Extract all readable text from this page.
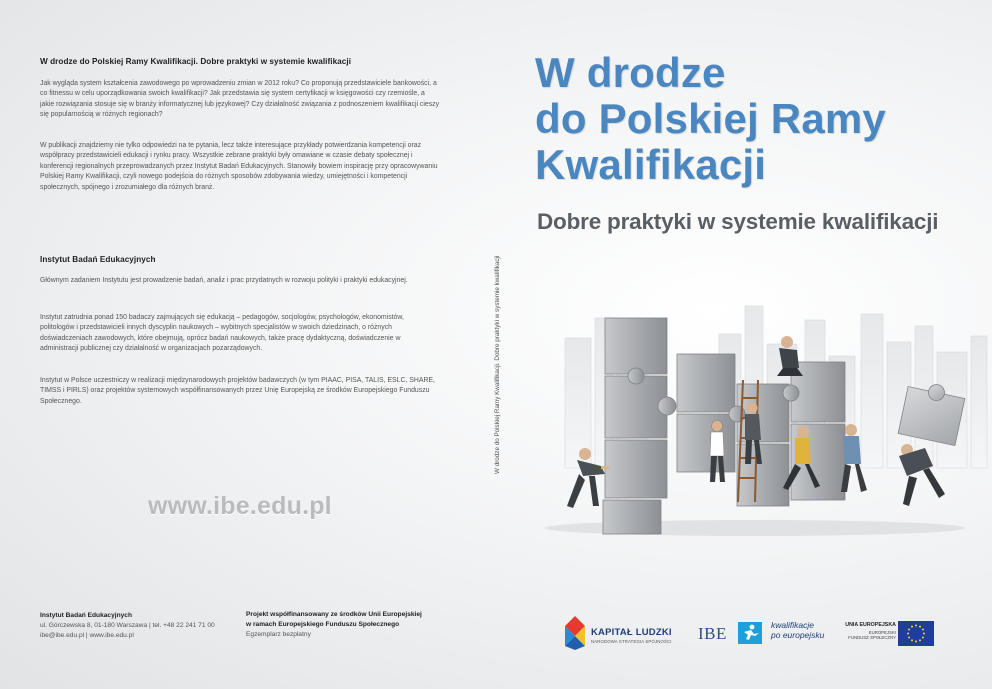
W drodze do Polskiej Ramy Kwalifikacji. Dobre praktyki w systemie kwalifikacji

Jak wygląda system kształcenia zawodowego po wprowadzeniu zmian w 2012 roku? Co proponują przedstawiciele bankowości, a co fitnessu w celu uporządkowania swoich kwalifikacji? Jak przedstawia się system certyfikacji w księgowości czy rzemiośle, a jakie rozwiązania stosuje się w branży informatycznej lub językowej? Czy działalność związania z podnoszeniem kwalifikacji cieszy się popularnością w różnych regionach?

W publikacji znajdziemy nie tylko odpowiedzi na te pytania, lecz także interesujące przykłady potwierdzania kompetencji oraz współpracy przedstawicieli edukacji i rynku pracy. Wszystkie zebrane praktyki były omawiane w czasie debaty społecznej i konferencji regionalnych przeprowadzanych przez Instytut Badań Edukacyjnych. Stanowiły bowiem inspirację przy opracowywaniu Polskiej Ramy Kwalifikacji, czyli nowego podejścia do różnych sposobów zdobywania wiedzy, umiejętności i kompetencji społecznych, spójnego i zrozumiałego dla różnych branż.

Instytut Badań Edukacyjnych

Głównym zadaniem Instytutu jest prowadzenie badań, analiz i prac przydatnych w rozwoju polityki i praktyki edukacyjnej.

Instytut zatrudnia ponad 150 badaczy zajmujących się edukacją – pedagogów, socjologów, psychologów, ekonomistów, politologów i przedstawicieli innych dyscyplin naukowych – wybitnych specjalistów w swoich dziedzinach, o różnych doświadczeniach zawodowych, które obejmują, oprócz badań naukowych, także pracę dydaktyczną, doświadczenie w administracji publicznej czy działalność w organizacjach pozarządowych.

Instytut w Polsce uczestniczy w realizacji międzynarodowych projektów badawczych (w tym PIAAC, PISA, TALIS, ESLC, SHARE, TIMSS i PIRLS) oraz projektów systemowych współfinansowanych przez Unię Europejską ze środków Europejskiego Funduszu Społecznego.

www.ibe.edu.pl
Instytut Badań Edukacyjnych
ul. Górczewska 8, 01-180 Warszawa | tel. +48 22 241 71 00
ibe@ibe.edu.pl | www.ibe.edu.pl
Projekt współfinansowany ze środków Unii Europejskiej
w ramach Europejskiego Funduszu Społecznego
Egzemplarz bezpłatny
W drodze do Polskiej Ramy Kwalifikacji. Dobre praktyki w systemie kwalifikacji
W drodze
do Polskiej Ramy
Kwalifikacji
Dobre praktyki w systemie kwalifikacji
KAPITAŁ LUDZKI
NARODOWA STRATEGIA SPÓJNOŚCI IBE	kwalifikacje
po europejsku
UNIA EUROPEJSKA
EUROPEJSKI
FUNDUSZ SPOŁECZNY
